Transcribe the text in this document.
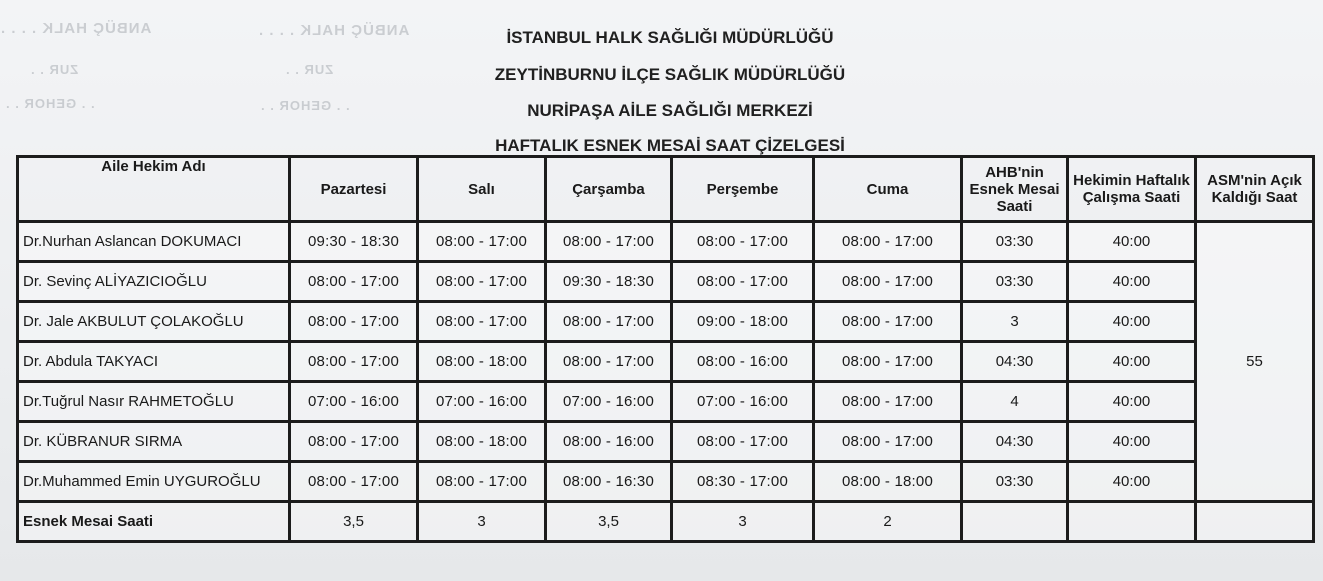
ANBÜÇ HALK . . . .	ANBÜÇ HALK . . . .
ZUR . .	ZUR . .
. . GEHOR . .	. . GEHOR . .
İSTANBUL HALK SAĞLIĞI MÜDÜRLÜĞÜ
ZEYTİNBURNU İLÇE SAĞLIK MÜDÜRLÜĞÜ
NURİPAŞA AİLE SAĞLIĞI MERKEZİ
HAFTALIK ESNEK MESAİ SAAT ÇİZELGESİ
Aile Hekim Adı	Pazartesi	Salı	Çarşamba	Perşembe	Cuma	AHB'nin Esnek Mesai Saati	Hekimin Haftalık Çalışma Saati	ASM'nin Açık Kaldığı Saat
Dr.Nurhan Aslancan DOKUMACI	09:30 - 18:30	08:00 - 17:00	08:00 - 17:00	08:00 - 17:00	08:00 - 17:00	03:30	40:00	55
Dr. Sevinç ALİYAZICIOĞLU	08:00 - 17:00	08:00 - 17:00	09:30 - 18:30	08:00 - 17:00	08:00 - 17:00	03:30	40:00	
Dr. Jale AKBULUT ÇOLAKOĞLU	08:00 - 17:00	08:00 - 17:00	08:00 - 17:00	09:00 - 18:00	08:00 - 17:00	3	40:00	
Dr. Abdula TAKYACI	08:00 - 17:00	08:00 - 18:00	08:00 - 17:00	08:00 - 16:00	08:00 - 17:00	04:30	40:00	
Dr.Tuğrul Nasır RAHMETOĞLU	07:00 - 16:00	07:00 - 16:00	07:00 - 16:00	07:00 - 16:00	08:00 - 17:00	4	40:00	
Dr. KÜBRANUR SIRMA	08:00 - 17:00	08:00 - 18:00	08:00 - 16:00	08:00 - 17:00	08:00 - 17:00	04:30	40:00	
Dr.Muhammed Emin UYGUROĞLU	08:00 - 17:00	08:00 - 17:00	08:00 - 16:30	08:30 - 17:00	08:00 - 18:00	03:30	40:00	
Esnek Mesai Saati	3,5	3	3,5	3	2			
